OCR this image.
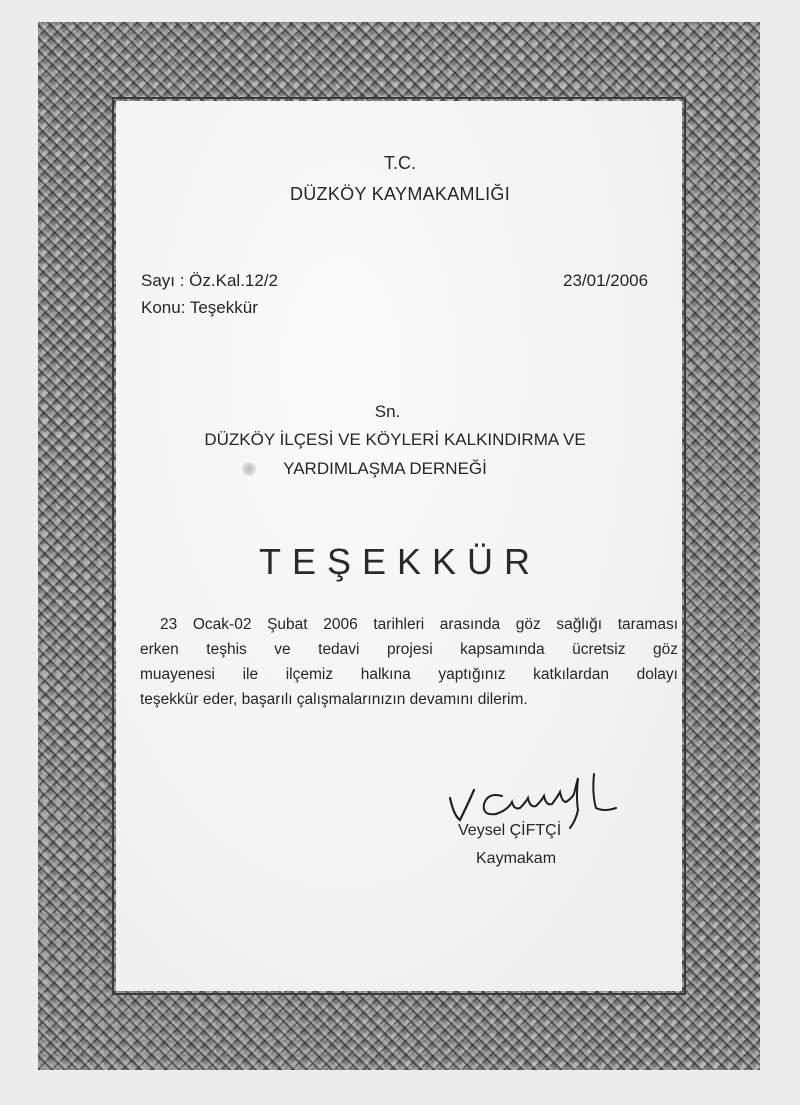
T.C.
DÜZKÖY KAYMAKAMLIĞI
Sayı : Öz.Kal.12/2
Konu: Teşekkür
23/01/2006
Sn.
DÜZKÖY İLÇESİ VE KÖYLERİ KALKINDIRMA VE
YARDIMLAŞMA DERNEĞİ
TEŞEKKÜR
23 Ocak-02 Şubat 2006 tarihleri arasında göz sağlığı taraması
erken teşhis ve tedavi projesi kapsamında ücretsiz göz
muayenesi ile ilçemiz halkına yaptığınız katkılardan dolayı
teşekkür eder, başarılı çalışmalarınızın devamını dilerim.
Veysel ÇİFTÇİ
Kaymakam
